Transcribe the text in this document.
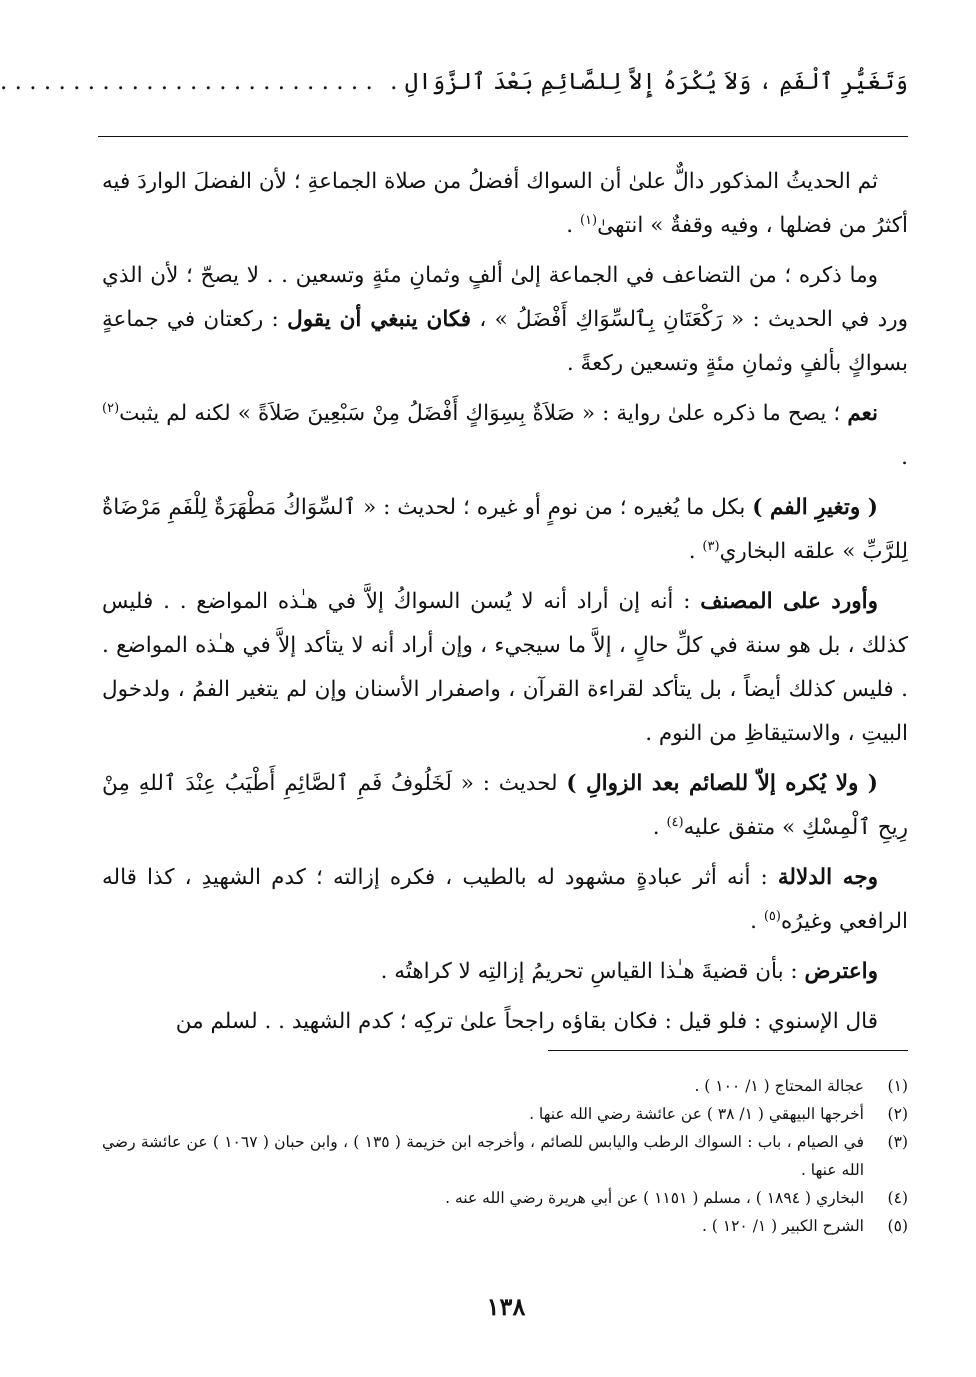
وَتَغَيُّرِ ٱلْفَمِ ، وَلاَ يُكْرَهُ إِلاَّ لِلصَّائِمِ بَعْدَ ٱلزَّوَالِ . . . . . . . . . . . . . . . . . . . . . . . . . . .

ثم الحديثُ المذكور دالٌّ علىٰ أن السواك أفضلُ من صلاة الجماعةِ ؛ لأن الفضلَ الواردَ فيه أكثرُ من فضلها ، وفيه وقفةٌ » انتهىٰ$^{(١)}$ .

وما ذكره ؛ من التضاعف في الجماعة إلىٰ ألفٍ وثمانِ مئةٍ وتسعين . . لا يصحّ ؛ لأن الذي ورد في الحديث : « رَكْعَتَانِ بِٱلسِّوَاكِ أَفْضَلُ » ، فكان ينبغي أن يقول : ركعتان في جماعةٍ بسواكٍ بألفٍ وثمانِ مئةٍ وتسعين ركعةً .

نعم ؛ يصح ما ذكره علىٰ رواية : « صَلاَةٌ بِسِوَاكٍ أَفْضَلُ مِنْ سَبْعِينَ صَلاَةً » لكنه لم يثبت$^{(٢)}$ .

( وتغيرِ الفم ) بكل ما يُغيره ؛ من نومٍ أو غيره ؛ لحديث : « ٱلسِّوَاكُ مَطْهَرَةٌ لِلْفَمِ مَرْضَاةٌ لِلرَّبِّ » علقه البخاري$^{(٣)}$ .

وأورد على المصنف : أنه إن أراد أنه لا يُسن السواكُ إلاَّ في هـٰذه المواضع . . فليس كذلك ، بل هو سنة في كلِّ حالٍ ، إلاَّ ما سيجيء ، وإن أراد أنه لا يتأكد إلاَّ في هـٰذه المواضع . . فليس كذلك أيضاً ، بل يتأكد لقراءة القرآن ، واصفرار الأسنان وإن لم يتغير الفمُ ، ولدخول البيتِ ، والاستيقاظِ من النوم .

( ولا يُكره إلاّ للصائم بعد الزوالِ ) لحديث : « لَخَلُوفُ فَمِ ٱلصَّائِمِ أَطْيَبُ عِنْدَ ٱللهِ مِنْ رِيحِ ٱلْمِسْكِ » متفق عليه$^{(٤)}$ .

وجه الدلالة : أنه أثر عبادةٍ مشهود له بالطيب ، فكره إزالته ؛ كدم الشهيدِ ، كذا قاله الرافعي وغيرُه$^{(٥)}$ .

واعترض : بأن قضيةَ هـٰذا القياسِ تحريمُ إزالتِه لا كراهتُه .

قال الإسنوي : فلو قيل : فكان بقاؤه راجحاً علىٰ تركِه ؛ كدم الشهيد . . لسلم من

(١)
عجالة المحتاج ( ١/ ١٠٠ ) .
(٢)
أخرجها البيهقي ( ١/ ٣٨ ) عن عائشة رضي الله عنها .
(٣)
في الصيام ، باب : السواك الرطب واليابس للصائم ، وأخرجه ابن خزيمة ( ١٣٥ ) ، وابن حبان ( ١٠٦٧ ) عن عائشة رضي الله عنها .
(٤)
البخاري ( ١٨٩٤ ) ، مسلم ( ١١٥١ ) عن أبي هريرة رضي الله عنه .
(٥)
الشرح الكبير ( ١/ ١٢٠ ) .
١٣٨
